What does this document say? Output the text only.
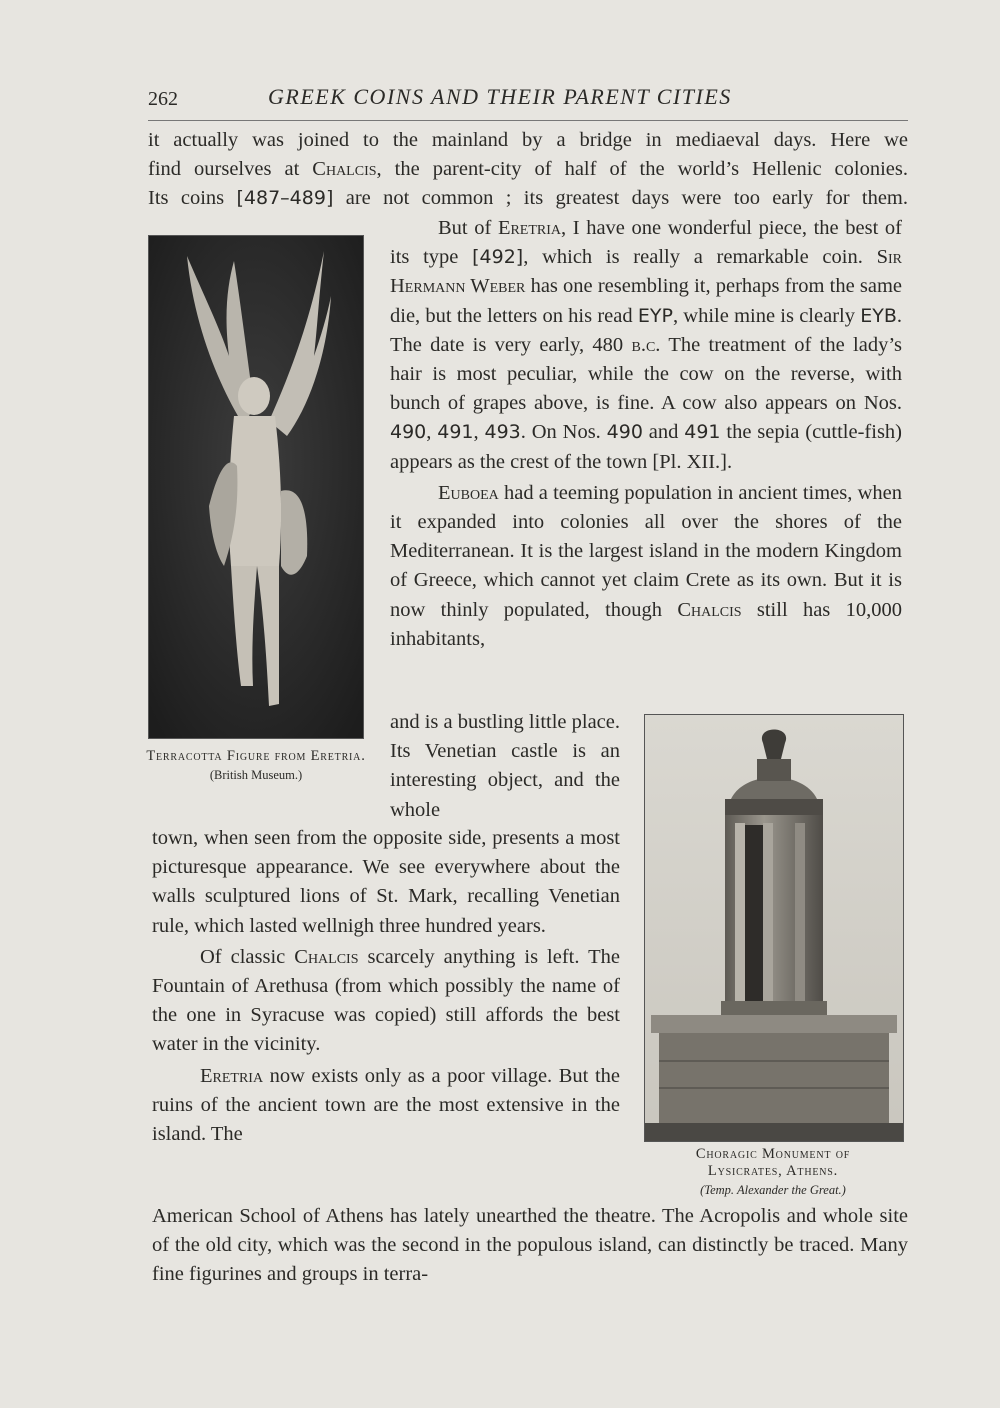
262	GREEK COINS AND THEIR PARENT CITIES

it actually was joined to the mainland by a bridge in mediaeval days. Here we

find ourselves at Chalcis, the parent-city of half of the world’s Hellenic colonies.

Its coins [487–489] are not common ; its greatest days were too early for them.

Terracotta Figure from Eretria.
(British Museum.)

But of Eretria, I have one wonderful piece, the best of its type [492], which is really a remarkable coin. Sir Hermann Weber has one resembling it, perhaps from the same die, but the letters on his read EYP, while mine is clearly EYB. The date is very early, 480 b.c. The treatment of the lady’s hair is most peculiar, while the cow on the reverse, with bunch of grapes above, is fine. A cow also appears on Nos. 490, 491, 493. On Nos. 490 and 491 the sepia (cuttle-fish) appears as the crest of the town [Pl. XII.].

Euboea had a teeming population in ancient times, when it expanded into colonies all over the shores of the Mediterranean. It is the largest island in the modern Kingdom of Greece, which cannot yet claim Crete as its own. But it is now thinly populated, though Chalcis still has 10,000 inhabitants,

and is a bustling little place. Its Venetian castle is an interesting object, and the whole

Choragic Monument of
Lysicrates, Athens.
(Temp. Alexander the Great.)

town, when seen from the opposite side, presents a most picturesque appearance. We see everywhere about the walls sculptured lions of St. Mark, recalling Venetian rule, which lasted wellnigh three hundred years.

Of classic Chalcis scarcely anything is left. The Fountain of Arethusa (from which possibly the name of the one in Syracuse was copied) still affords the best water in the vicinity.

Eretria now exists only as a poor village. But the ruins of the ancient town are the most extensive in the island. The

American School of Athens has lately unearthed the theatre. The Acropolis and whole site of the old city, which was the second in the populous island, can distinctly be traced. Many fine figurines and groups in terra-
